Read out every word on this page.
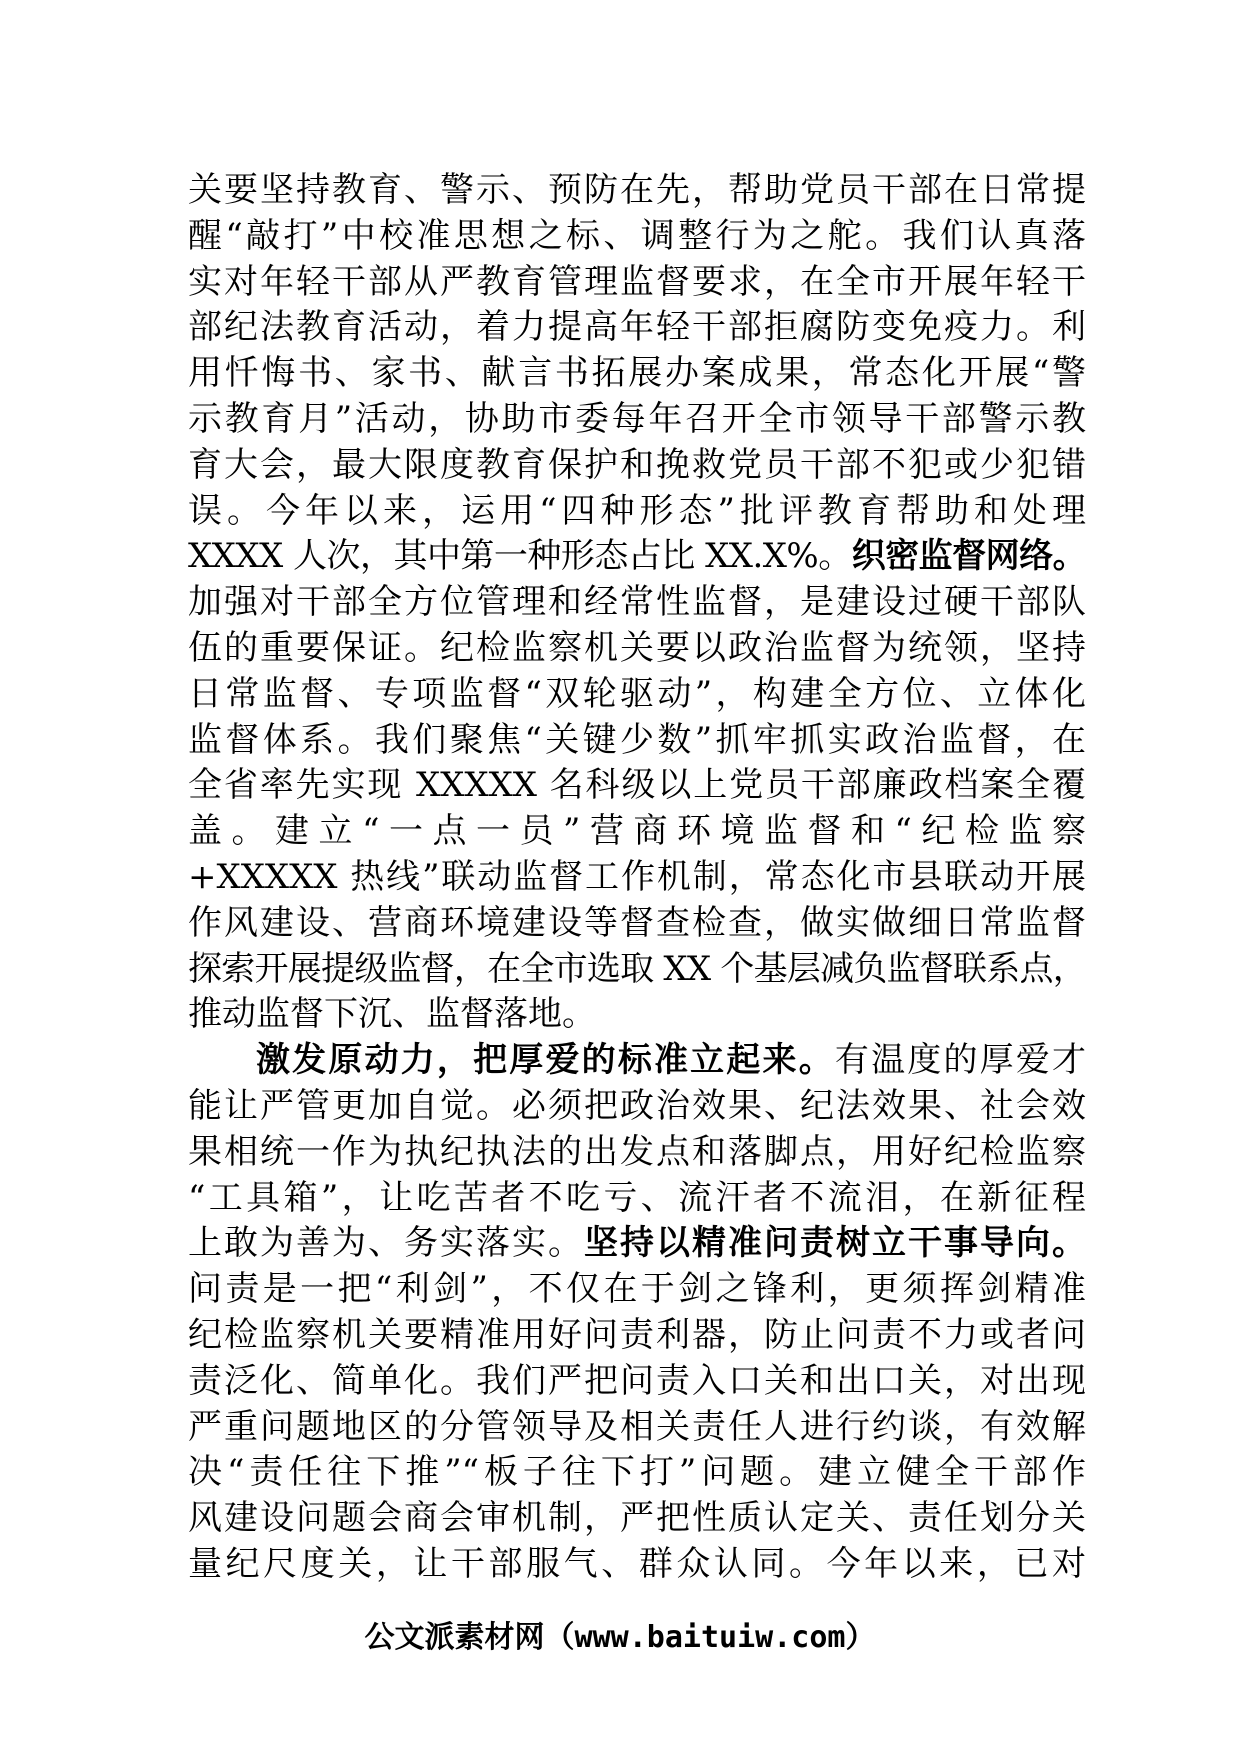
关要坚持教育、警示、预防在先，帮助党员干部在日常提
醒“敲打”中校准思想之标、调整行为之舵。我们认真落
实对年轻干部从严教育管理监督要求，在全市开展年轻干
部纪法教育活动，着力提高年轻干部拒腐防变免疫力。利
用忏悔书、家书、献言书拓展办案成果，常态化开展“警
示教育月”活动，协助市委每年召开全市领导干部警示教
育大会，最大限度教育保护和挽救党员干部不犯或少犯错
误。今年以来，运用“四种形态”批评教育帮助和处理
XXXX 人次，其中第一种形态占比 XX.X%。织密监督网络。
加强对干部全方位管理和经常性监督，是建设过硬干部队
伍的重要保证。纪检监察机关要以政治监督为统领，坚持
日常监督、专项监督“双轮驱动”，构建全方位、立体化
监督体系。我们聚焦“关键少数”抓牢抓实政治监督，在
全省率先实现 XXXXX 名科级以上党员干部廉政档案全覆
盖。建立“一点一员”营商环境监督和“纪检监察
+XXXXX 热线”联动监督工作机制，常态化市县联动开展
作风建设、营商环境建设等督查检查，做实做细日常监督
探索开展提级监督，在全市选取 XX 个基层减负监督联系点，
推动监督下沉、监督落地。
激发原动力，把厚爱的标准立起来。有温度的厚爱才
能让严管更加自觉。必须把政治效果、纪法效果、社会效
果相统一作为执纪执法的出发点和落脚点，用好纪检监察
“工具箱”，让吃苦者不吃亏、流汗者不流泪，在新征程
上敢为善为、务实落实。坚持以精准问责树立干事导向。
问责是一把“利剑”，不仅在于剑之锋利，更须挥剑精准
纪检监察机关要精准用好问责利器，防止问责不力或者问
责泛化、简单化。我们严把问责入口关和出口关，对出现
严重问题地区的分管领导及相关责任人进行约谈，有效解
决“责任往下推”“板子往下打”问题。建立健全干部作
风建设问题会商会审机制，严把性质认定关、责任划分关
量纪尺度关，让干部服气、群众认同。今年以来，已对
公文派素材网（www.baituiw.com）
